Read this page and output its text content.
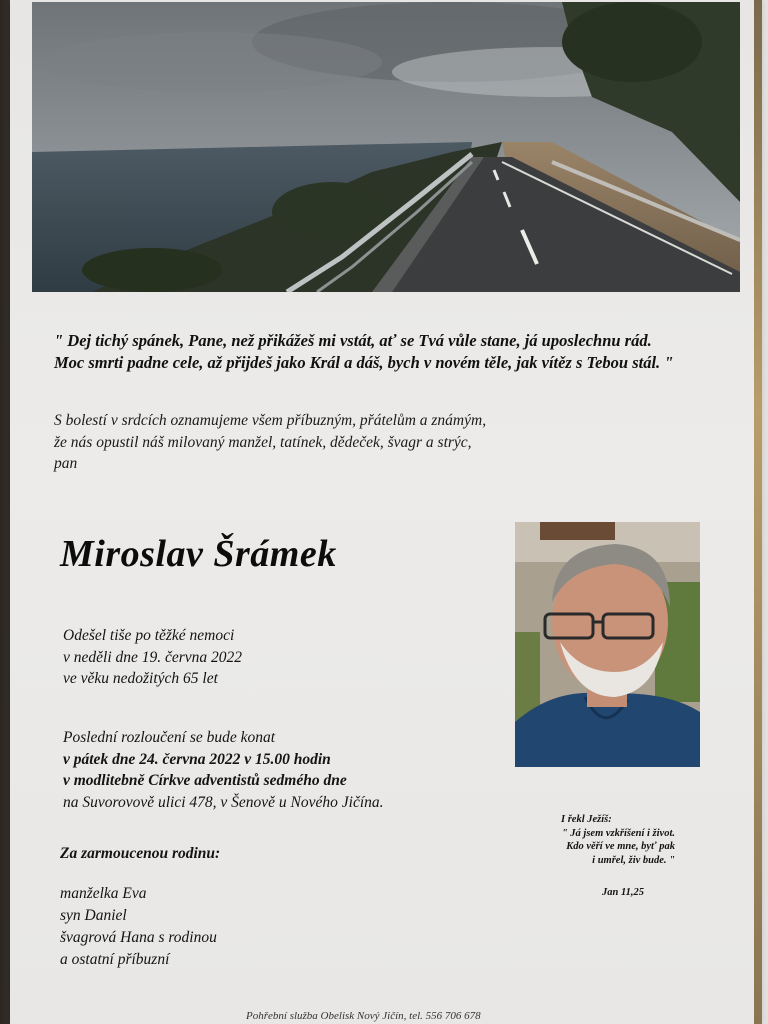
" Dej tichý spánek, Pane, než přikážeš mi vstát, ať se Tvá vůle stane, já uposlechnu rád.
Moc smrti padne cele, až přijdeš jako Král a dáš, bych v novém těle, jak vítěz s Tebou stál. "
S bolestí v srdcích oznamujeme všem příbuzným, přátelům a známým,
že nás opustil náš milovaný manžel, tatínek, dědeček, švagr a strýc,
pan
Miroslav Šrámek
Odešel tiše po těžké nemoci
v neděli dne 19. června 2022
ve věku nedožitých 65 let
Poslední rozloučení se bude konat
v pátek dne 24. června 2022 v 15.00 hodin
v modlitebně Církve adventistů sedmého dne
na Suvorovově ulici 478, v Šenově u Nového Jičína.
Za zarmoucenou rodinu:
manželka Eva
syn Daniel
švagrová Hana s rodinou
a ostatní příbuzní
I řekl Ježíš:
" Já jsem vzkříšení i život.
Kdo věří ve mne, byť pak
i umřel, živ bude. "
Jan 11,25
Pohřební služba Obelisk Nový Jičín, tel. 556 706 678
